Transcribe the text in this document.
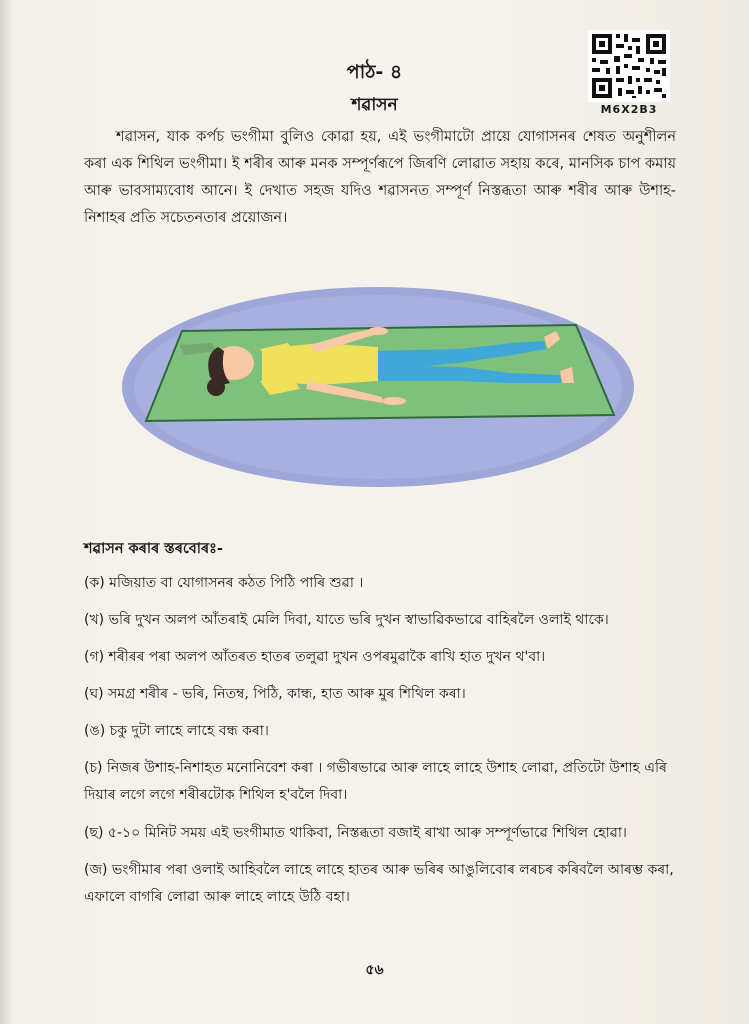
পাঠ- ৪
শৱাসন	M6X2B3

শৱাসন, যাক কৰ্পচ ভংগীমা বুলিও কোৱা হয়, এই ভংগীমাটো প্ৰায়ে যোগাসনৰ শেষত অনুশীলন কৰা এক শিথিল ভংগীমা। ই শৰীৰ আৰু মনক সম্পূৰ্ণৰূপে জিৰণি লোৱাত সহায় কৰে, মানসিক চাপ কমায় আৰু ভাবসাম্যবোধ আনে। ই দেখাত সহজ যদিও শৱাসনত সম্পূৰ্ণ নিস্তব্ধতা আৰু শৰীৰ আৰু উশাহ-নিশাহৰ প্ৰতি সচেতনতাৰ প্ৰয়োজন।

শৱাসন কৰাৰ স্তৰবোৰঃ-
(ক) মজিয়াত বা যোগাসনৰ কঠত পিঠি পাৰি শুৱা ।
(খ) ভৰি দুখন অলপ আঁতৰাই মেলি দিবা, যাতে ভৰি দুখন স্বাভাৱিকভাৱে বাহিৰলৈ ওলাই থাকে।
(গ) শৰীৰৰ পৰা অলপ আঁতৰত হাতৰ তলুৱা দুখন ওপৰমুৱাকৈ ৰাখি হাত দুখন থ'বা।
(ঘ) সমগ্ৰ শৰীৰ - ভৰি, নিতম্ব, পিঠি, কান্ধ, হাত আৰু মুৰ শিথিল কৰা।
(ঙ) চকু দুটা লাহে লাহে বন্ধ কৰা।
(চ) নিজৰ উশাহ-নিশাহত মনোনিবেশ কৰা । গভীৰভাৱে আৰু লাহে লাহে উশাহ লোৱা, প্ৰতিটো উশাহ এৰি দিয়াৰ লগে লগে শৰীৰটোক শিথিল হ'বলৈ দিবা।
(ছ) ৫-১০ মিনিট সময় এই ভংগীমাত থাকিবা, নিস্তব্ধতা বজাই ৰাখা আৰু সম্পূৰ্ণভাৱে শিথিল হোৱা।
(জ) ভংগীমাৰ পৰা ওলাই আহিবলৈ লাহে লাহে হাতৰ আৰু ভৰিৰ আঙুলিবোৰ লৰচৰ কৰিবলৈ আৰম্ভ কৰা, এফালে বাগৰি লোৱা আৰু লাহে লাহে উঠি বহা।
৫৬
